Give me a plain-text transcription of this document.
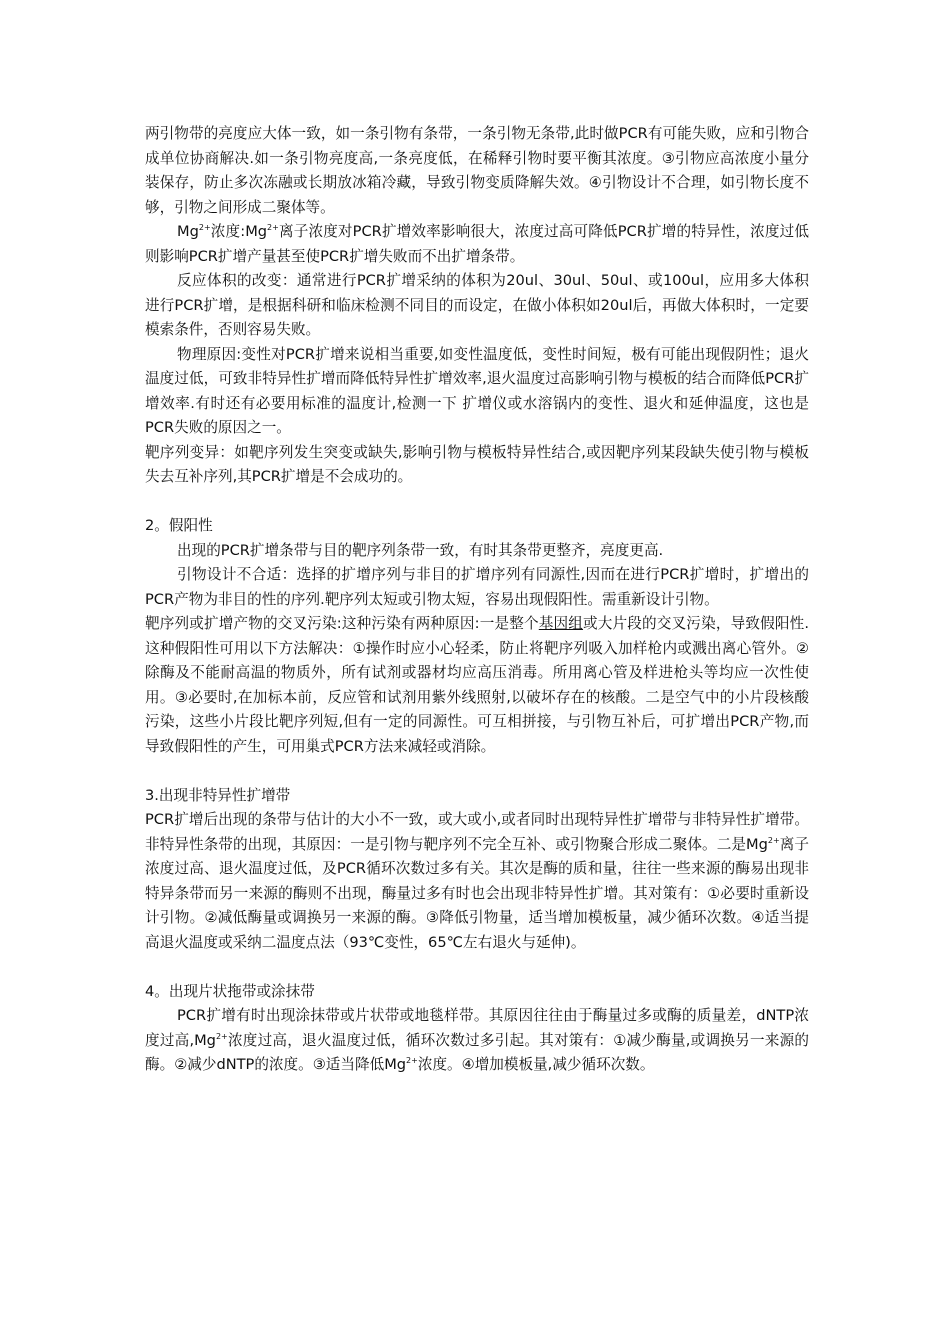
两引物带的亮度应大体一致，如一条引物有条带，一条引物无条带,此时做PCR有可能失败，应和引物合成单位协商解决.如一条引物亮度高,一条亮度低，在稀释引物时要平衡其浓度。③引物应高浓度小量分装保存，防止多次冻融或长期放冰箱冷藏，导致引物变质降解失效。④引物设计不合理，如引物长度不够，引物之间形成二聚体等。

$Mg^{2+}$浓度$:Mg^{2+}$离子浓度对PCR扩增效率影响很大，浓度过高可降低PCR扩增的特异性，浓度过低则影响PCR扩增产量甚至使PCR扩增失败而不出扩增条带。

反应体积的改变：通常进行PCR扩增采纳的体积为20ul、30ul、50ul、或100ul，应用多大体积进行PCR扩增，是根据科研和临床检测不同目的而设定，在做小体积如20ul后，再做大体积时，一定要模索条件，否则容易失败。

物理原因:变性对PCR扩增来说相当重要,如变性温度低，变性时间短，极有可能出现假阴性；退火温度过低，可致非特异性扩增而降低特异性扩增效率,退火温度过高影响引物与模板的结合而降低PCR扩增效率.有时还有必要用标准的温度计,检测一下 扩增仪或水溶锅内的变性、退火和延伸温度，这也是PCR失败的原因之一。

靶序列变异：如靶序列发生突变或缺失,影响引物与模板特异性结合,或因靶序列某段缺失使引物与模板失去互补序列,其PCR扩增是不会成功的。

2。假阳性

出现的PCR扩增条带与目的靶序列条带一致，有时其条带更整齐，亮度更高.

引物设计不合适：选择的扩增序列与非目的扩增序列有同源性,因而在进行PCR扩增时，扩增出的PCR产物为非目的性的序列.靶序列太短或引物太短，容易出现假阳性。需重新设计引物。

靶序列或扩增产物的交叉污染:这种污染有两种原因:一是整个基因组或大片段的交叉污染，导致假阳性.这种假阳性可用以下方法解决：①操作时应小心轻柔，防止将靶序列吸入加样枪内或溅出离心管外。②除酶及不能耐高温的物质外，所有试剂或器材均应高压消毒。所用离心管及样进枪头等均应一次性使用。③必要时,在加标本前，反应管和试剂用紫外线照射,以破坏存在的核酸。二是空气中的小片段核酸污染，这些小片段比靶序列短,但有一定的同源性。可互相拼接，与引物互补后，可扩增出PCR产物,而导致假阳性的产生，可用巢式PCR方法来减轻或消除。

3.出现非特异性扩增带

PCR扩增后出现的条带与估计的大小不一致，或大或小,或者同时出现特异性扩增带与非特异性扩增带。非特异性条带的出现，其原因：一是引物与靶序列不完全互补、或引物聚合形成二聚体。二是$Mg^{2+}$离子浓度过高、退火温度过低，及PCR循环次数过多有关。其次是酶的质和量，往往一些来源的酶易出现非特异条带而另一来源的酶则不出现，酶量过多有时也会出现非特异性扩增。其对策有：①必要时重新设计引物。②减低酶量或调换另一来源的酶。③降低引物量，适当增加模板量，减少循环次数。④适当提高退火温度或采纳二温度点法（93℃变性，65℃左右退火与延伸)。

4。出现片状拖带或涂抹带

PCR扩增有时出现涂抹带或片状带或地毯样带。其原因往往由于酶量过多或酶的质量差，dNTP浓度过高$,Mg^{2+}$浓度过高，退火温度过低，循环次数过多引起。其对策有：①减少酶量,或调换另一来源的酶。②减少dNTP的浓度。③适当降低$Mg^{2+}$浓度。④增加模板量,减少循环次数。
